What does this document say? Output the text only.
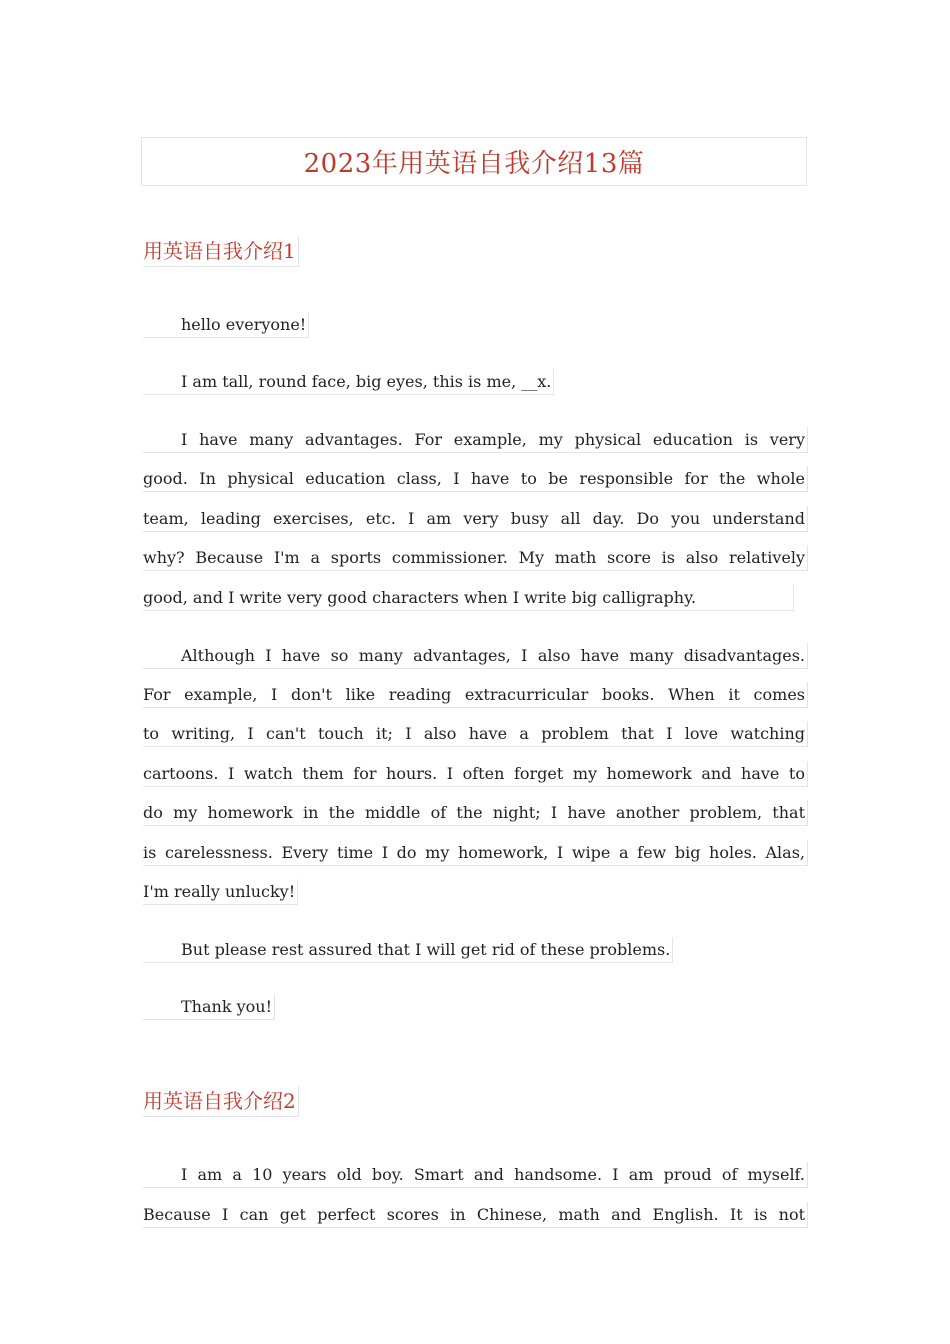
2023年用英语自我介绍13篇
用英语自我介绍1
hello everyone!
I am tall, round face, big eyes, this is me, __x.
I have many advantages. For example, my physical education is very
good. In physical education class, I have to be responsible for the whole
team, leading exercises, etc. I am very busy all day. Do you understand
why? Because I'm a sports commissioner. My math score is also relatively
good, and I write very good characters when I write big calligraphy.
Although I have so many advantages, I also have many disadvantages.
For example, I don't like reading extracurricular books. When it comes
to writing, I can't touch it; I also have a problem that I love watching
cartoons. I watch them for hours. I often forget my homework and have to
do my homework in the middle of the night; I have another problem, that
is carelessness. Every time I do my homework, I wipe a few big holes. Alas,
I'm really unlucky!
But please rest assured that I will get rid of these problems.
Thank you!
用英语自我介绍2
I am a 10 years old boy. Smart and handsome. I am proud of myself.
Because I can get perfect scores in Chinese, math and English. It is not
